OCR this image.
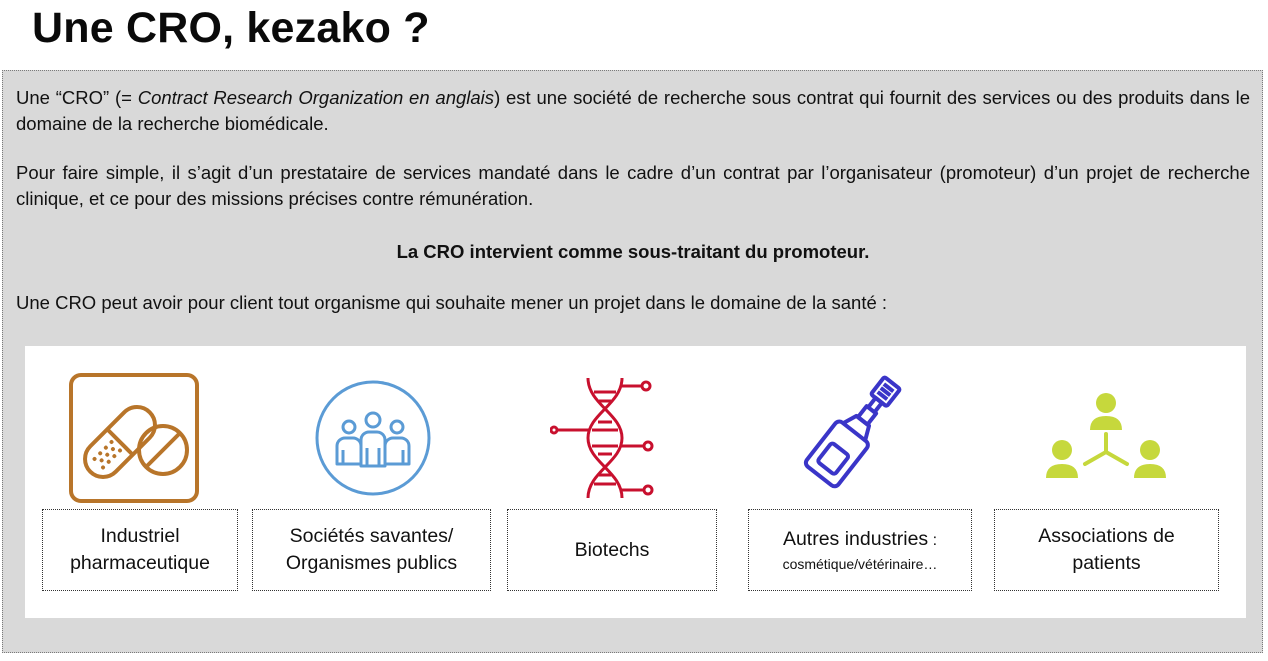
Une CRO, kezako ?

Une “CRO” (= Contract Research Organization en anglais) est une société de recherche sous contrat qui fournit des services ou des produits dans le domaine de la recherche biomédicale.

Pour faire simple, il s’agit d’un prestataire de services mandaté dans le cadre d’un contrat par l’organisateur (promoteur) d’un projet de recherche clinique, et ce pour des missions précises contre rémunération.

La CRO intervient comme sous-traitant du promoteur.

Une CRO peut avoir pour client tout organisme qui souhaite mener un projet dans le domaine de la santé :

Industriel
pharmaceutique
Sociétés savantes/
Organismes publics
Biotechs	Autres industries :
cosmétique/vétérinaire…
Associations de
patients
